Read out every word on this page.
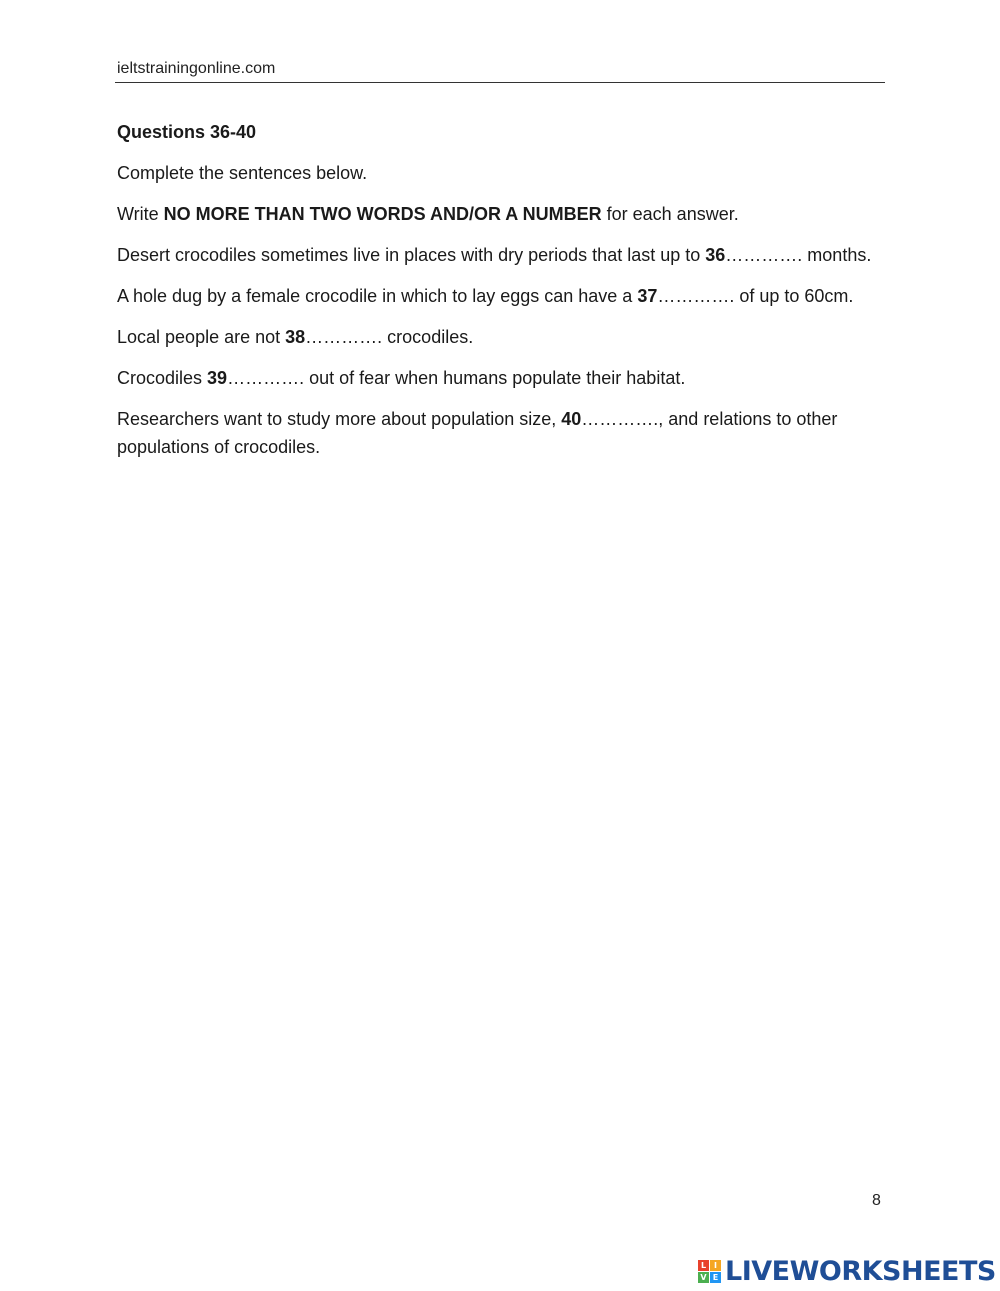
ieltstrainingonline.com

Questions 36-40

Complete the sentences below.

Write NO MORE THAN TWO WORDS AND/OR A NUMBER for each answer.

Desert crocodiles sometimes live in places with dry periods that last up to 36…………. months.

A hole dug by a female crocodile in which to lay eggs can have a 37…………. of up to 60cm.

Local people are not 38…………. crocodiles.

Crocodiles 39…………. out of fear when humans populate their habitat.

Researchers want to study more about population size, 40…………., and relations to other populations of crocodiles.

8
L I
V E LIVEWORKSHEETS
